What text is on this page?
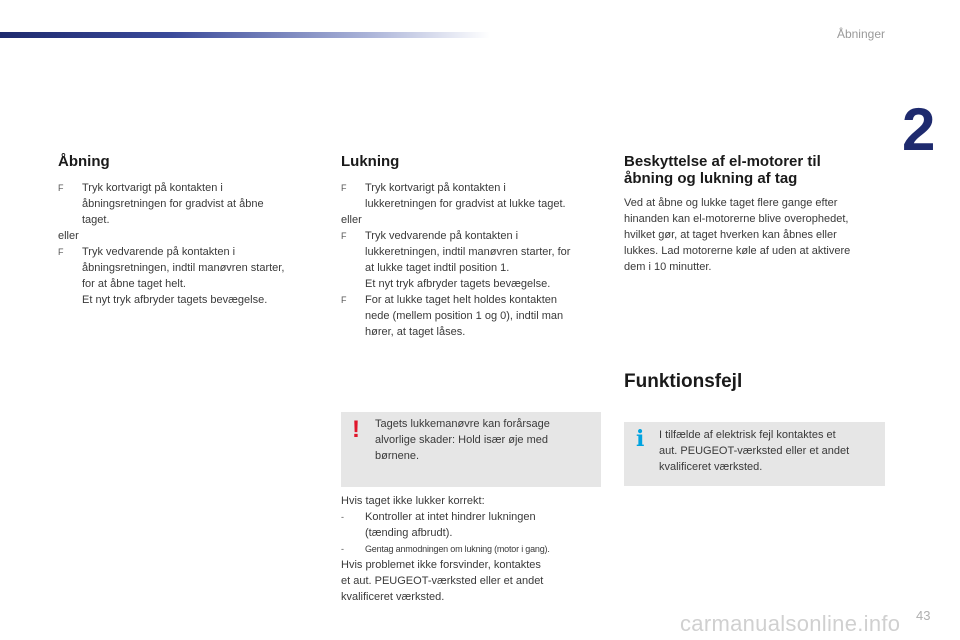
Åbninger
2
Åbning
F Tryk kortvarigt på kontakten i
åbningsretningen for gradvist at åbne
taget.
eller
F Tryk vedvarende på kontakten i
åbningsretningen, indtil manøvren starter,
for at åbne taget helt.
Et nyt tryk afbryder tagets bevægelse.
Lukning
F Tryk kortvarigt på kontakten i
lukkeretningen for gradvist at lukke taget.
eller
F Tryk vedvarende på kontakten i
lukkeretningen, indtil manøvren starter, for
at lukke taget indtil position 1.
Et nyt tryk afbryder tagets bevægelse.
F For at lukke taget helt holdes kontakten
nede (mellem position 1 og 0), indtil man
hører, at taget låses.
! Tagets lukkemanøvre kan forårsage
alvorlige skader: Hold især øje med
børnene.
Hvis taget ikke lukker korrekt:
- Kontroller at intet hindrer lukningen
(tænding afbrudt).
- Gentag anmodningen om lukning (motor i gang).
Hvis problemet ikke forsvinder, kontaktes
et aut. PEUGEOT-værksted eller et andet
kvalificeret værksted.
Beskyttelse af el-motorer til
åbning og lukning af tag
Ved at åbne og lukke taget flere gange efter
hinanden kan el-motorerne blive overophedet,
hvilket gør, at taget hverken kan åbnes eller
lukkes. Lad motorerne køle af uden at aktivere
dem i 10 minutter.
Funktionsfejl
i I tilfælde af elektrisk fejl kontaktes et
aut. PEUGEOT-værksted eller et andet
kvalificeret værksted.
carmanualsonline.info 43
